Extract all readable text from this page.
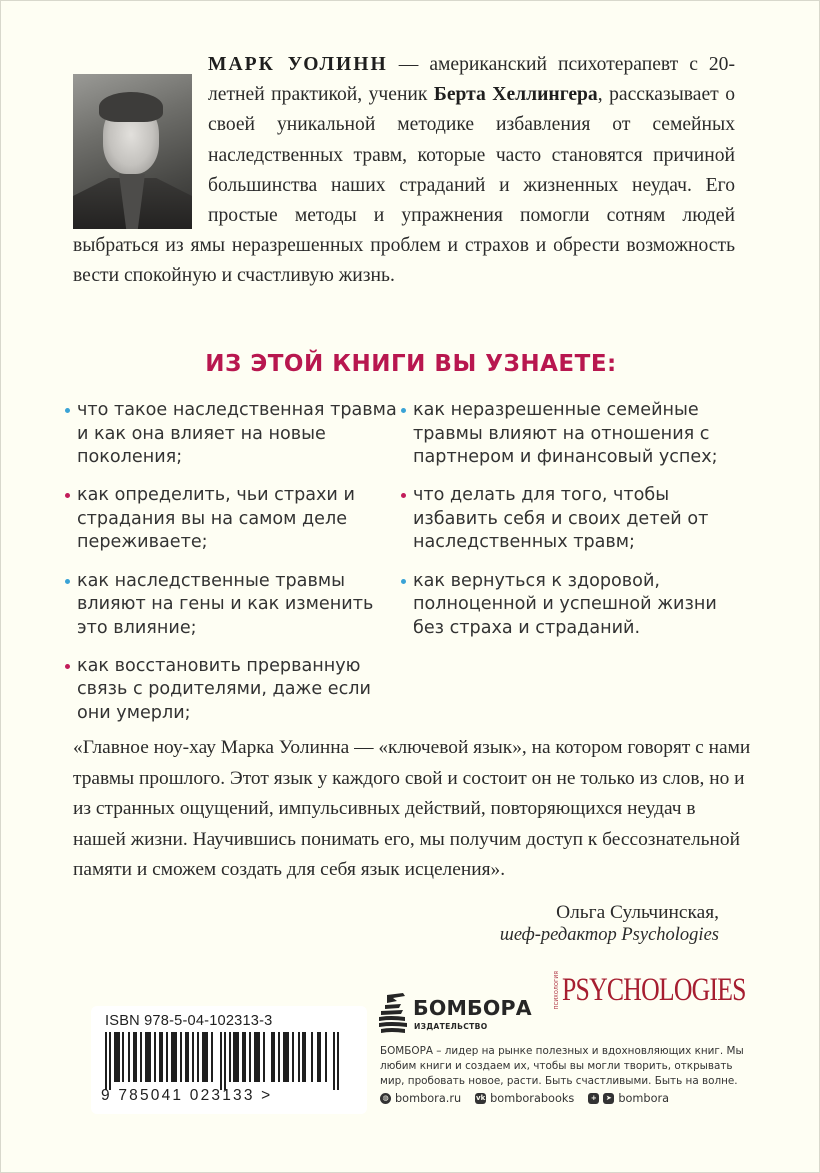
МАРК УОЛИНН — американский психотерапевт с 20-летней практикой, ученик Берта Хеллингера, рассказывает о своей уникальной методике избавления от семейных наследственных травм, которые часто становятся причиной большинства наших страданий и жизненных неудач. Его простые методы и упражнения помогли сотням людей выбраться из ямы неразрешенных проблем и страхов и обрести возможность вести спокойную и счастливую жизнь.
ИЗ ЭТОЙ КНИГИ ВЫ УЗНАЕТЕ:
что такое наследственная травма и как она влияет на новые поколения;
как определить, чьи страхи и страдания вы на самом деле переживаете;
как наследственные травмы влияют на гены и как изменить это влияние;
как восстановить прерванную связь с родителями, даже если они умерли;
как неразрешенные семейные травмы влияют на отношения с партнером и финансовый успех;
что делать для того, чтобы избавить себя и своих детей от наследственных травм;
как вернуться к здоровой, полноценной и успешной жизни без страха и страданий.
«Главное ноу-хау Марка Уолинна — «ключевой язык», на котором говорят с нами травмы прошлого. Этот язык у каждого свой и состоит он не только из слов, но и из странных ощущений, импульсивных действий, повторяющихся неудач в нашей жизни. Научившись понимать его, мы получим доступ к бессознательной памяти и сможем создать для себя язык исцеления».
Ольга Сульчинская,
шеф-редактор Psychologies
ISBN 978-5-04-102313-3
9 785041 023133 >
БОМБОРА
ИЗДАТЕЛЬСТВО
ПСИХОЛОГИЯ PSYCHOLOGIES
БОМБОРА – лидер на рынке полезных и вдохновляющих книг. Мы любим книги и создаем их, чтобы вы могли творить, открывать мир, пробовать новое, расти. Быть счастливыми. Быть на волне.
◍ bombora.ru vk bomborabooks	+	➤ bombora
